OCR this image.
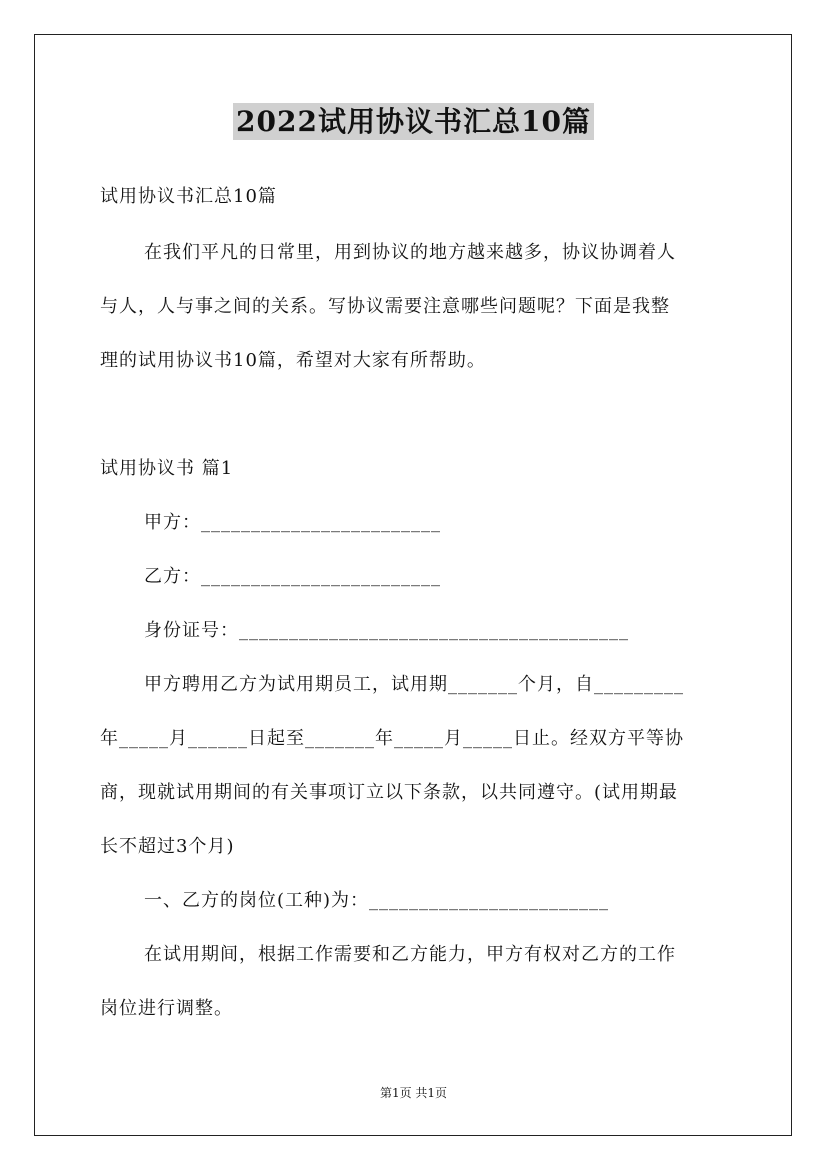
2022试用协议书汇总10篇
试用协议书汇总10篇
在我们平凡的日常里，用到协议的地方越来越多，协议协调着人
与人，人与事之间的关系。写协议需要注意哪些问题呢？下面是我整
理的试用协议书10篇，希望对大家有所帮助。
试用协议书 篇1
甲方：________________________
乙方：________________________
身份证号：_______________________________________
甲方聘用乙方为试用期员工，试用期_______个月，自_________
年_____月______日起至_______年_____月_____日止。经双方平等协
商，现就试用期间的有关事项订立以下条款，以共同遵守。(试用期最
长不超过3个月)
一、乙方的岗位(工种)为：________________________
在试用期间，根据工作需要和乙方能力，甲方有权对乙方的工作
岗位进行调整。
第1页 共1页
